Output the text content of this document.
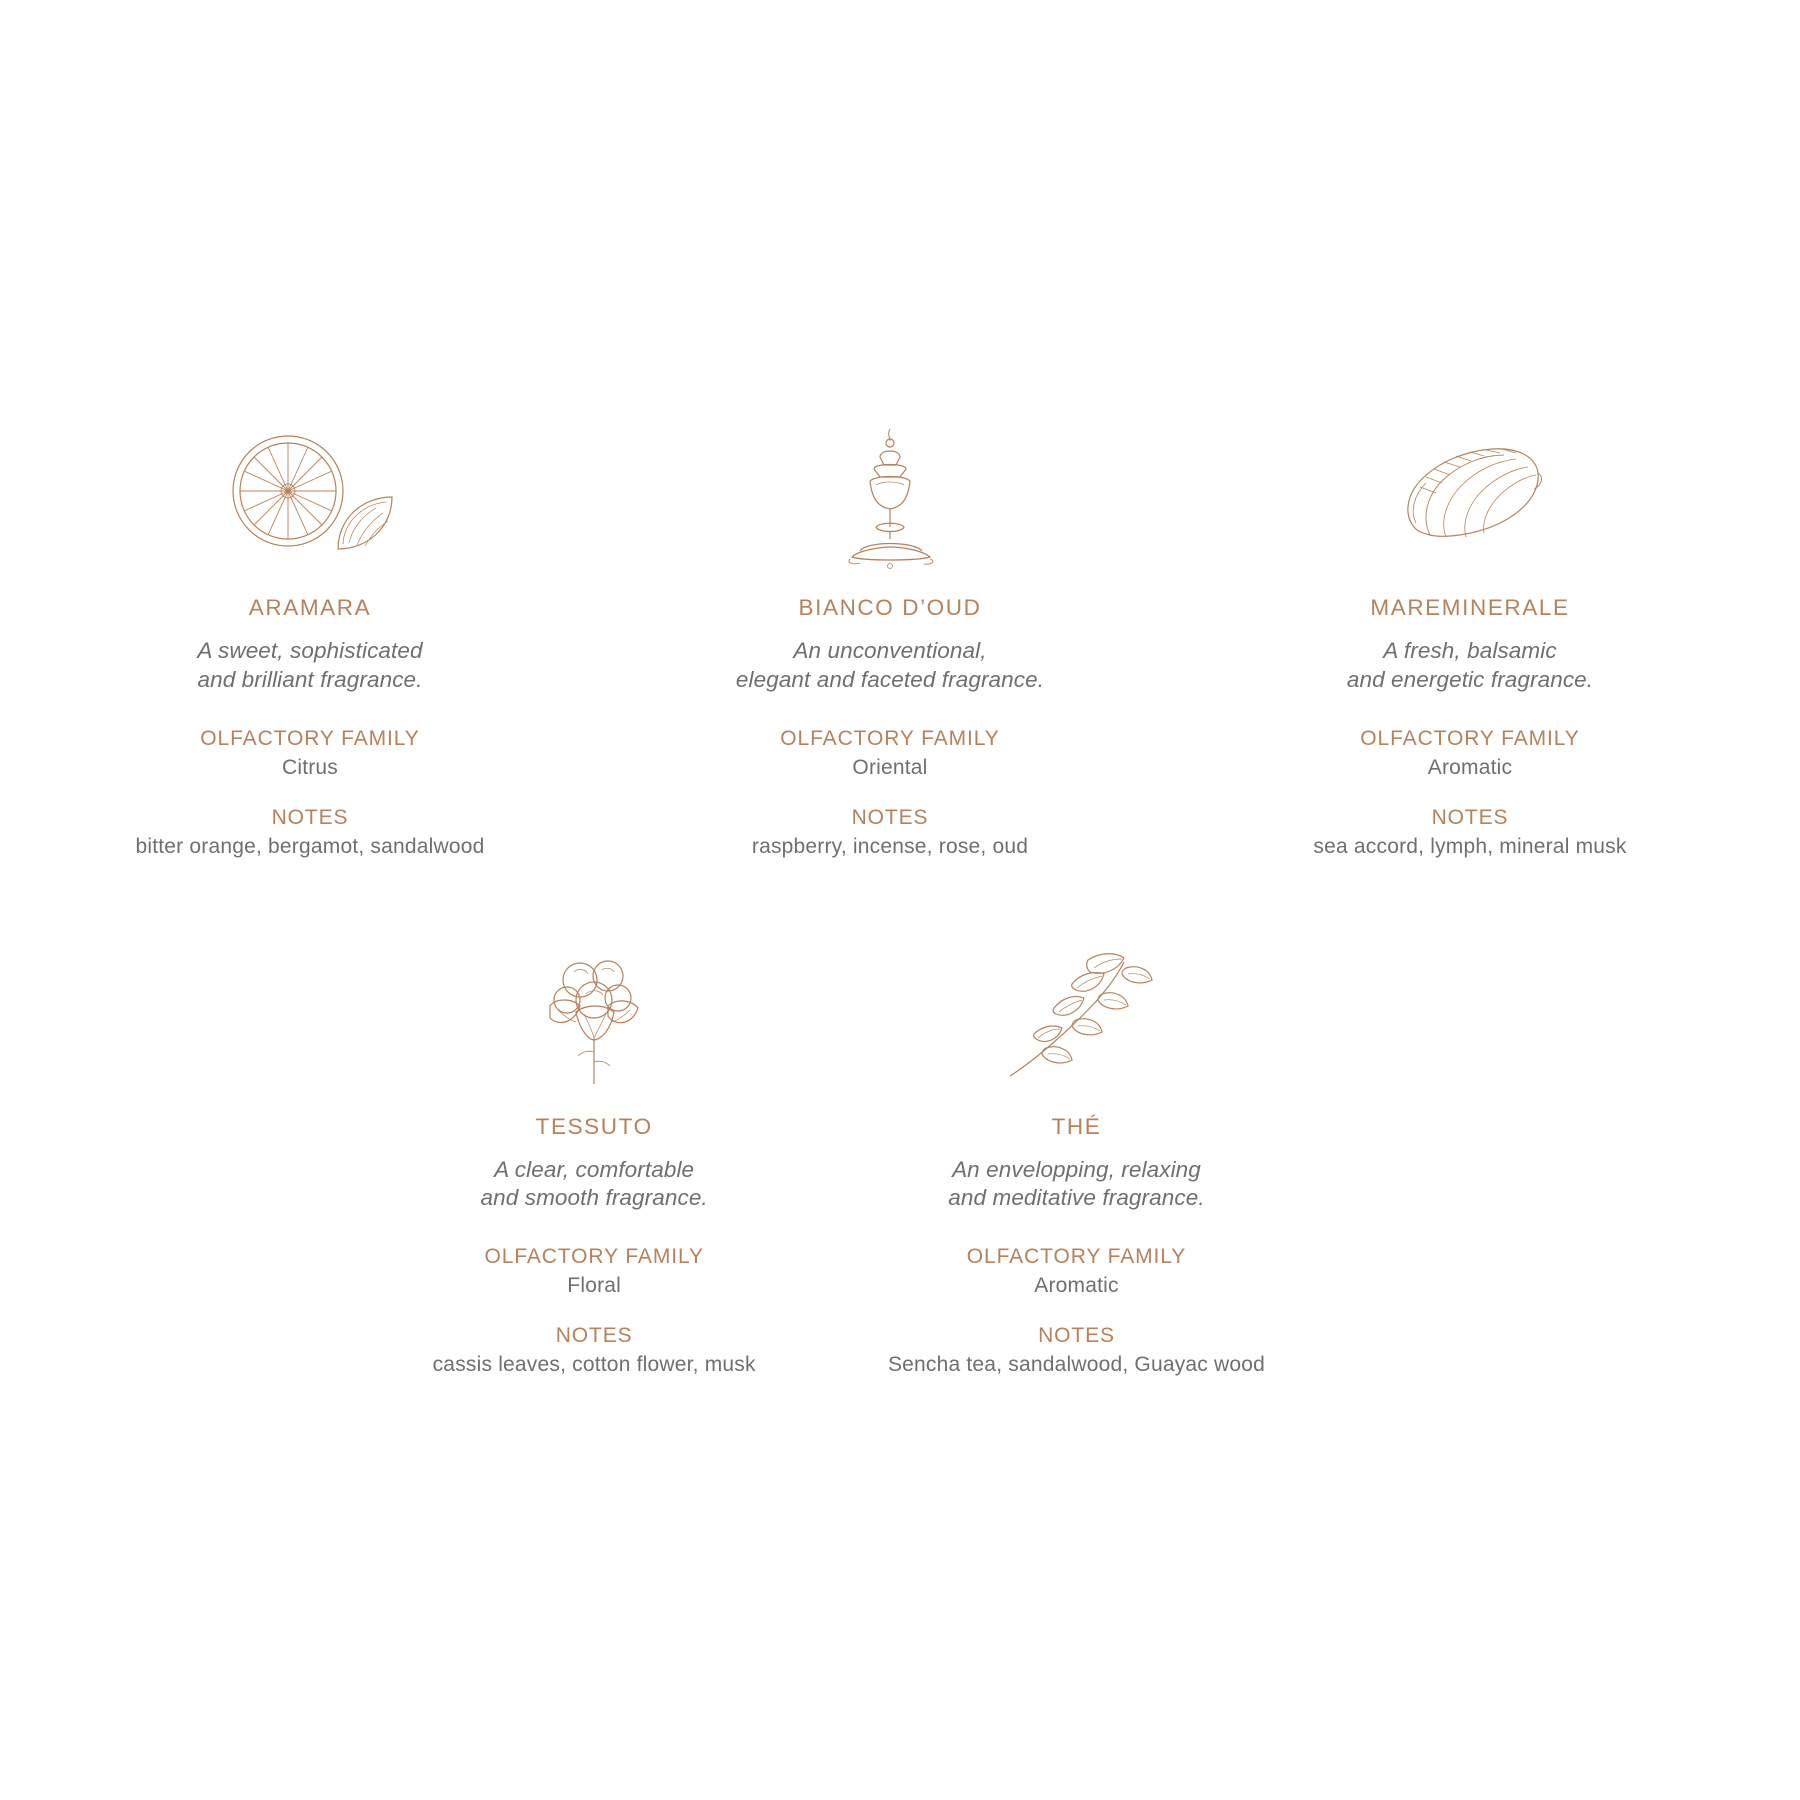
ARAMARA
A sweet, sophisticated
and brilliant fragrance.
OLFACTORY FAMILY
Citrus
NOTES
bitter orange, bergamot, sandalwood
BIANCO D’OUD
An unconventional,
elegant and faceted fragrance.
OLFACTORY FAMILY
Oriental
NOTES
raspberry, incense, rose, oud
MAREMINERALE
A fresh, balsamic
and energetic fragrance.
OLFACTORY FAMILY
Aromatic
NOTES
sea accord, lymph, mineral musk
TESSUTO
A clear, comfortable
and smooth fragrance.
OLFACTORY FAMILY
Floral
NOTES
cassis leaves, cotton flower, musk
THÉ
An envelopping, relaxing
and meditative fragrance.
OLFACTORY FAMILY
Aromatic
NOTES
Sencha tea, sandalwood, Guayac wood
